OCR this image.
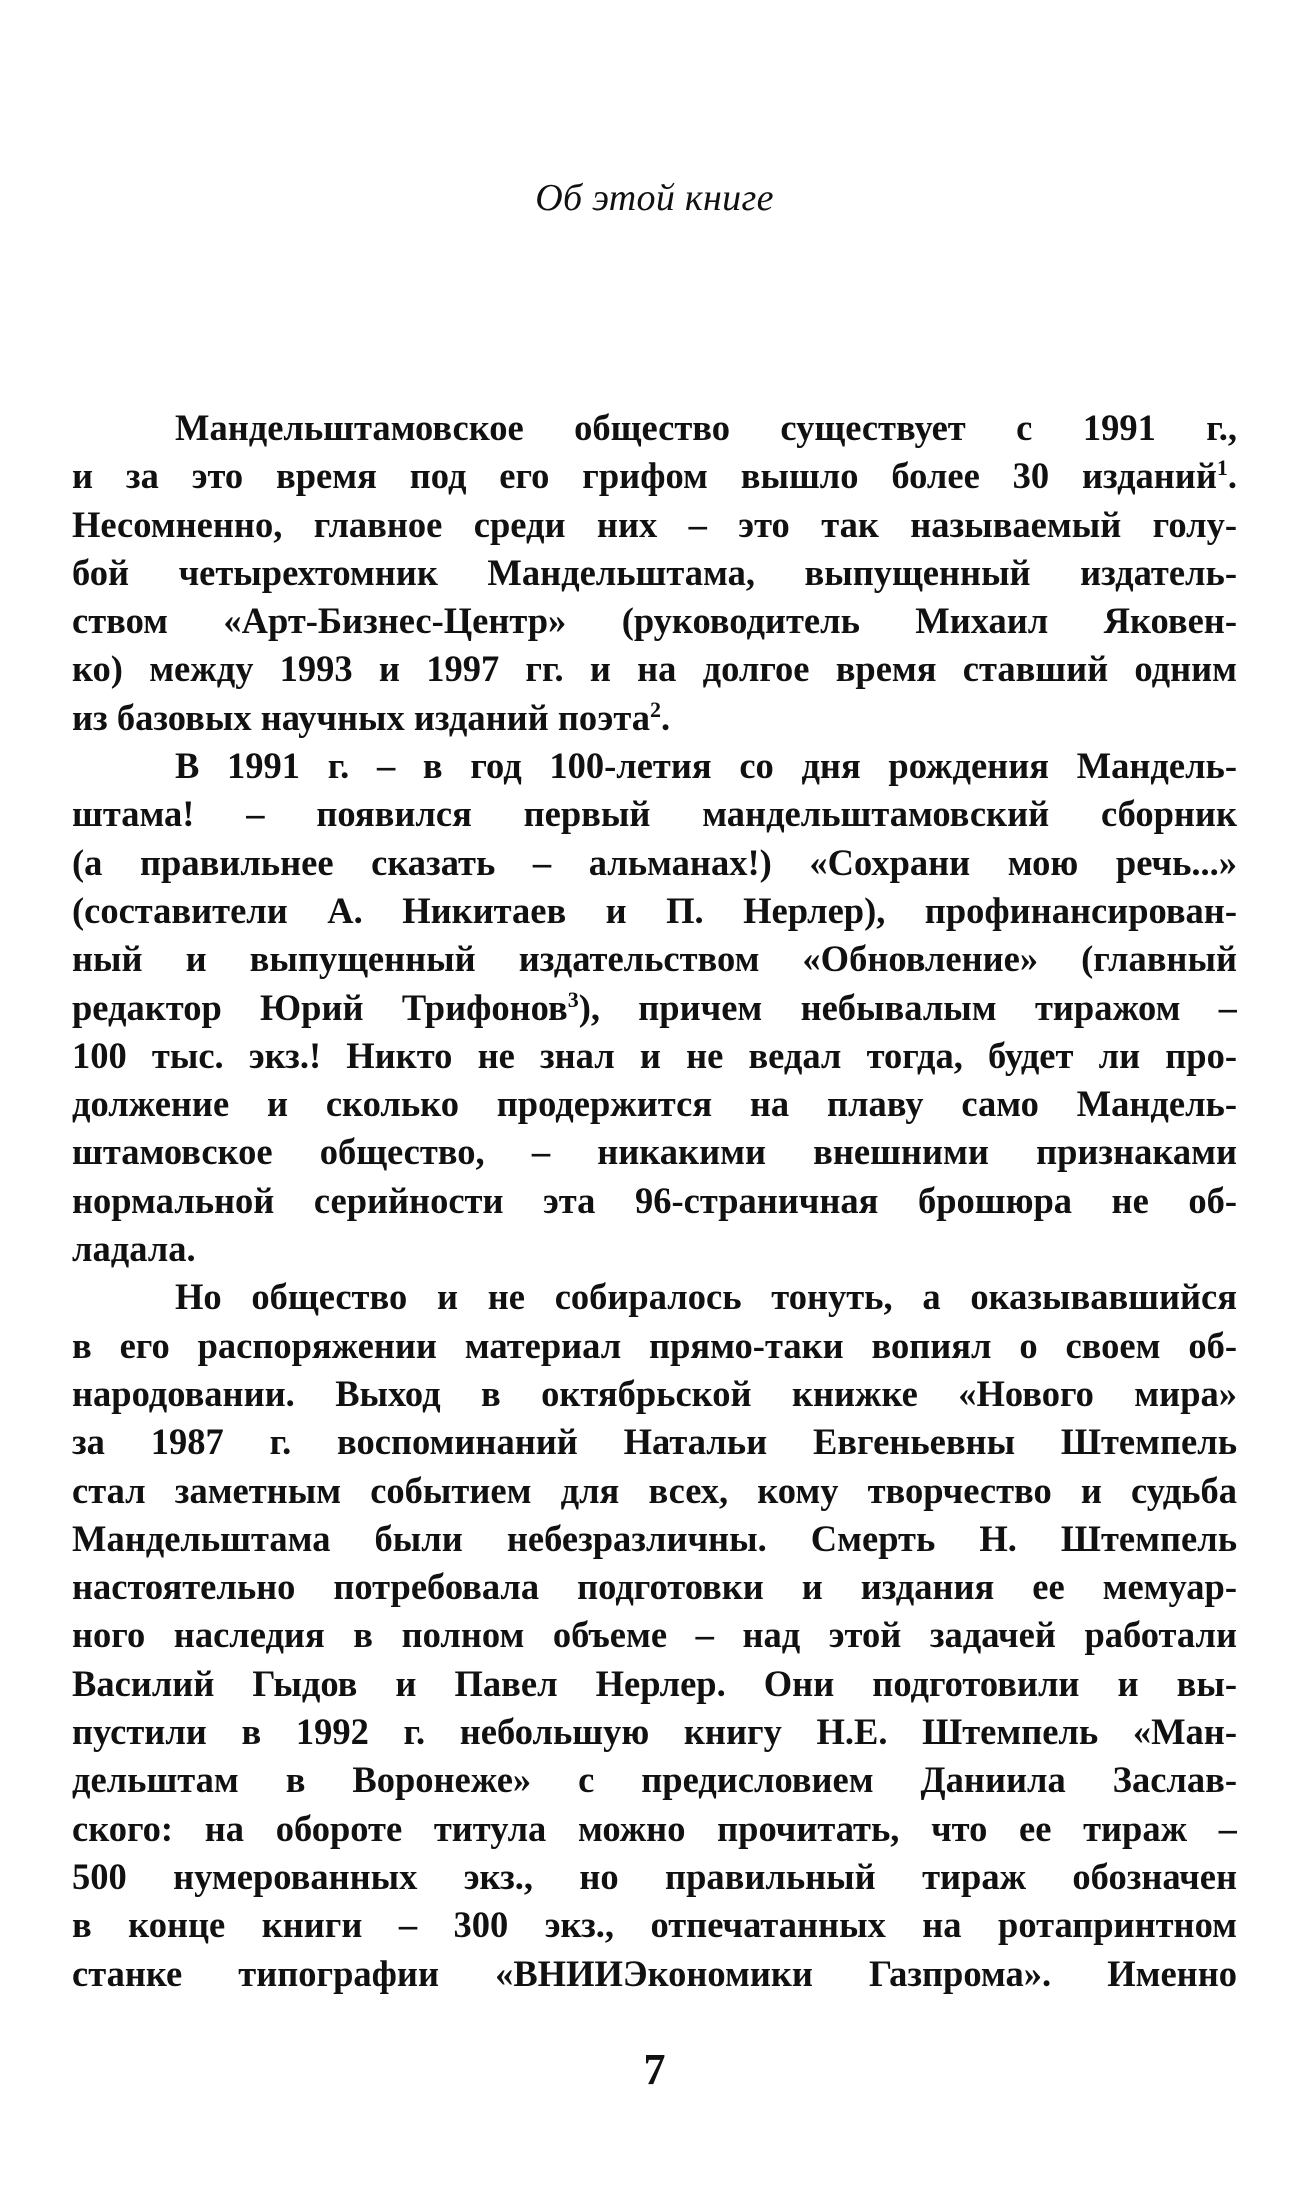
Об этой книге
Мандельштамовское общество существует с 1991 г.,
и за это время под его грифом вышло более 30 изданий$^1$.
Несомненно, главное среди них – это так называемый голу-
бой четырехтомник Мандельштама, выпущенный издатель-
ством «Арт-Бизнес-Центр» (руководитель Михаил Яковен-
ко) между 1993 и 1997 гг. и на долгое время ставший одним
из базовых научных изданий поэта$^2$.
В 1991 г. – в год 100-летия со дня рождения Мандель-
штама! – появился первый мандельштамовский сборник
(а правильнее сказать – альманах!) «Сохрани мою речь...»
(составители А. Никитаев и П. Нерлер), профинансирован-
ный и выпущенный издательством «Обновление» (главный
редактор Юрий Трифонов$^3$), причем небывалым тиражом –
100 тыс. экз.! Никто не знал и не ведал тогда, будет ли про-
должение и сколько продержится на плаву само Мандель-
штамовское общество, – никакими внешними признаками
нормальной серийности эта 96-страничная брошюра не об-
ладала.
Но общество и не собиралось тонуть, а оказывавшийся
в его распоряжении материал прямо-таки вопиял о своем об-
народовании. Выход в октябрьской книжке «Нового мира»
за 1987 г. воспоминаний Натальи Евгеньевны Штемпель
стал заметным событием для всех, кому творчество и судьба
Мандельштама были небезразличны. Смерть Н. Штемпель
настоятельно потребовала подготовки и издания ее мемуар-
ного наследия в полном объеме – над этой задачей работали
Василий Гыдов и Павел Нерлер. Они подготовили и вы-
пустили в 1992 г. небольшую книгу Н.Е. Штемпель «Ман-
дельштам в Воронеже» с предисловием Даниила Заслав-
ского: на обороте титула можно прочитать, что ее тираж –
500 нумерованных экз., но правильный тираж обозначен
в конце книги – 300 экз., отпечатанных на ротапринтном
станке типографии «ВНИИЭкономики Газпрома». Именно
7
